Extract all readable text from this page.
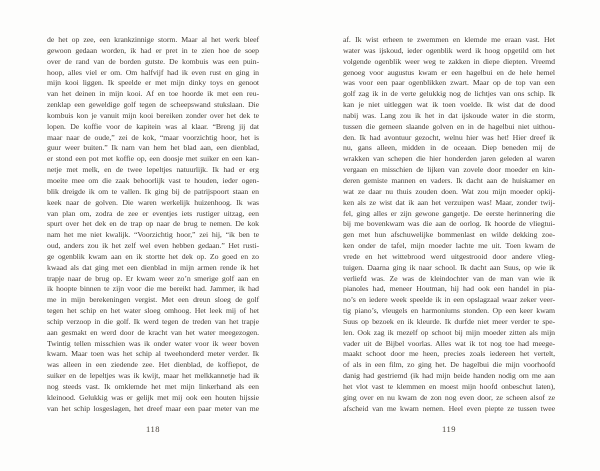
de het op zee, een krankzinnige storm. Maar al het werk bleef
gewoon gedaan worden, ik had er pret in te zien hoe de soep
over de rand van de borden gutste. De kombuis was een puin-
hoop, alles viel er om. Om halfvijf had ik even rust en ging in
mijn kooi liggen. Ik speelde er met mijn dinky toys en genoot
van het deinen in mijn kooi. Af en toe hoorde ik met een reu-
zenklap een geweldige golf tegen de scheepswand stukslaan. Die
kombuis kon je vanuit mijn kooi bereiken zonder over het dek te
lopen. De koffie voor de kapitein was al klaar. “Breng jij dat
maar naar de oude,” zei de kok, “maar voorzichtig hoor, het is
guur weer buiten.” Ik nam van hem het blad aan, een dienblad,
er stond een pot met koffie op, een doosje met suiker en een kan-
netje met melk, en de twee lepeltjes natuurlijk. Ik had er erg
moeite mee om die zaak behoorlijk vast te houden, ieder ogen-
blik dreigde ik om te vallen. Ik ging bij de patrijspoort staan en
keek naar de golven. Die waren werkelijk huizenhoog. Ik was
van plan om, zodra de zee er eventjes iets rustiger uitzag, een
spurt over het dek en de trap op naar de brug te nemen. De kok
nam het me niet kwalijk. “Voorzichtig hoor,” zei hij, “ik ben te
oud, anders zou ik het zelf wel even hebben gedaan.” Het rusti-
ge ogenblik kwam aan en ik stortte het dek op. Zo goed en zo
kwaad als dat ging met een dienblad in mijn armen rende ik het
trapje naar de brug op. Er kwam weer zo’n smerige golf aan en
ik hoopte binnen te zijn voor die me bereikt had. Jammer, ik had
me in mijn berekeningen vergist. Met een dreun sloeg de golf
tegen het schip en het water sloeg omhoog. Het leek mij of het
schip verzoop in die golf. Ik werd tegen de treden van het trapje
aan gesmakt en werd door de kracht van het water meegezogen.
Twintig tellen misschien was ik onder water voor ik weer boven
kwam. Maar toen was het schip al tweehonderd meter verder. Ik
was alleen in een ziedende zee. Het dienblad, de koffiepot, de
suiker en de lepeltjes was ik kwijt, maar het melkkannetje had ik
nog steeds vast. Ik omklemde het met mijn linkerhand als een
kleinood. Gelukkig was er gelijk met mij ook een houten hijssie
van het schip losgeslagen, het dreef maar een paar meter van me
118
af. Ik wist erheen te zwemmen en klemde me eraan vast. Het
water was ijskoud, ieder ogenblik werd ik hoog opgetild om het
volgende ogenblik weer weg te zakken in diepe diepten. Vreemd
genoeg voor augustus kwam er een hagelbui en de hele hemel
was voor een paar ogenblikken zwart. Maar op de top van een
golf zag ik in de verte gelukkig nog de lichtjes van ons schip. Ik
kan je niet uitleggen wat ik toen voelde. Ik wist dat de dood
nabij was. Lang zou ik het in dat ijskoude water in die storm,
tussen die gemeen slaande golven en in de hagelbui niet uithou-
den. Ik had avontuur gezocht, welnu hier was het! Hier dreef ik
nu, gans alleen, midden in de oceaan. Diep beneden mij de
wrakken van schepen die hier honderden jaren geleden al waren
vergaan en misschien de lijken van zovele door moeder en kin-
deren gemiste mannen en vaders. Ik dacht aan de huiskamer en
wat ze daar nu thuis zouden doen. Wat zou mijn moeder opkij-
ken als ze wist dat ik aan het verzuipen was! Maar, zonder twij-
fel, ging alles er zijn gewone gangetje. De eerste herinnering die
bij me bovenkwam was die aan de oorlog. Ik hoorde de vliegtui-
gen met hun afschuwelijke bommenlast en wilde dekking zoe-
ken onder de tafel, mijn moeder lachte me uit. Toen kwam de
vrede en het wittebrood werd uitgestrooid door andere vlieg-
tuigen. Daarna ging ik naar school. Ik dacht aan Suus, op wie ik
verliefd was. Ze was de kleindochter van de man van wie ik
pianoles had, meneer Houtman, hij had ook een handel in pia-
no’s en iedere week speelde ik in een opslagzaal waar zeker veer-
tig piano’s, vleugels en harmoniums stonden. Op een keer kwam
Suus op bezoek en ik kleurde. Ik durfde niet meer verder te spe-
len. Ook zag ik mezelf op schoot bij mijn moeder zitten als mijn
vader uit de Bijbel voorlas. Alles wat ik tot nog toe had meege-
maakt schoot door me heen, precies zoals iedereen het vertelt,
of als in een film, zo ging het. De hagelbui die mijn voorhoofd
danig had gestriemd (ik had mijn beide handen nodig om me aan
het vlot vast te klemmen en moest mijn hoofd onbeschut laten),
ging over en nu kwam de zon nog even door, ze scheen alsof ze
afscheid van me kwam nemen. Heel even piepte ze tussen twee
119
